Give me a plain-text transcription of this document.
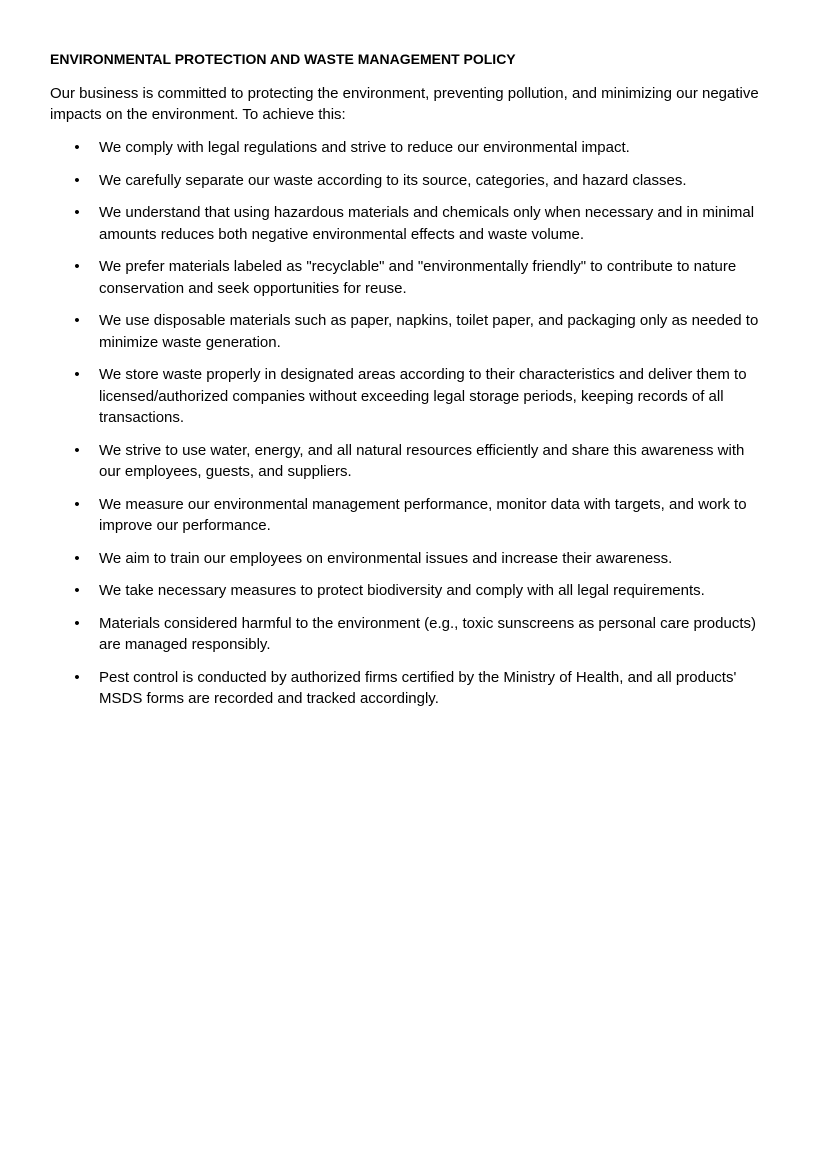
ENVIRONMENTAL PROTECTION AND WASTE MANAGEMENT POLICY

Our business is committed to protecting the environment, preventing pollution, and minimizing our negative impacts on the environment. To achieve this:

• We comply with legal regulations and strive to reduce our environmental impact.
• We carefully separate our waste according to its source, categories, and hazard classes.
• We understand that using hazardous materials and chemicals only when necessary and in minimal amounts reduces both negative environmental effects and waste volume.
• We prefer materials labeled as "recyclable" and "environmentally friendly" to contribute to nature conservation and seek opportunities for reuse.
• We use disposable materials such as paper, napkins, toilet paper, and packaging only as needed to minimize waste generation.
• We store waste properly in designated areas according to their characteristics and deliver them to licensed/authorized companies without exceeding legal storage periods, keeping records of all transactions.
• We strive to use water, energy, and all natural resources efficiently and share this awareness with our employees, guests, and suppliers.
• We measure our environmental management performance, monitor data with targets, and work to improve our performance.
• We aim to train our employees on environmental issues and increase their awareness.
• We take necessary measures to protect biodiversity and comply with all legal requirements.
• Materials considered harmful to the environment (e.g., toxic sunscreens as personal care products) are managed responsibly.
• Pest control is conducted by authorized firms certified by the Ministry of Health, and all products' MSDS forms are recorded and tracked accordingly.
